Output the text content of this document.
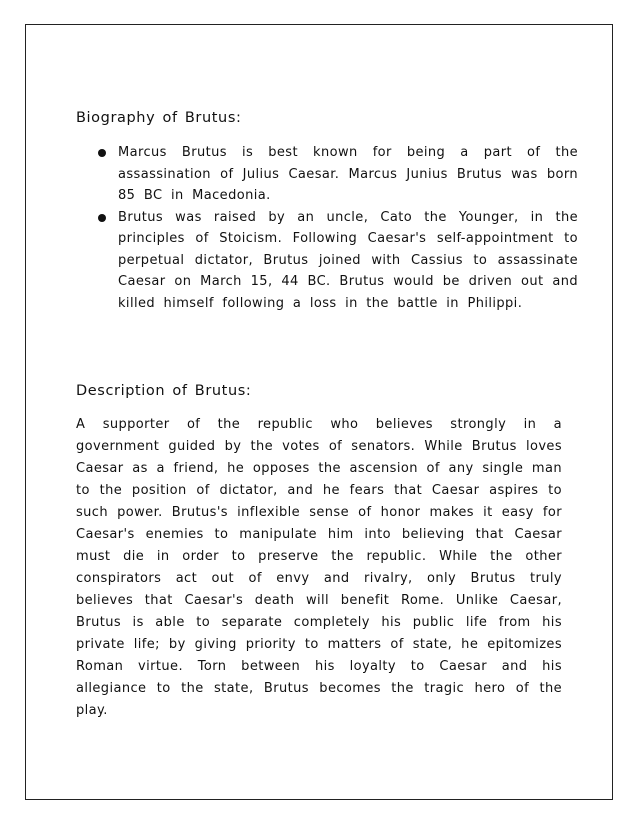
Biography of Brutus:
Marcus Brutus is best known for being a part of the assassination of Julius Caesar. Marcus Junius Brutus was born 85 BC in Macedonia.
Brutus was raised by an uncle, Cato the Younger, in the principles of Stoicism. Following Caesar's self-appointment to perpetual dictator, Brutus joined with Cassius to assassinate Caesar on March 15, 44 BC. Brutus would be driven out and killed himself following a loss in the battle in Philippi.
Description of Brutus:

A supporter of the republic who believes strongly in a government guided by the votes of senators. While Brutus loves Caesar as a friend, he opposes the ascension of any single man to the position of dictator, and he fears that Caesar aspires to such power. Brutus's inflexible sense of honor makes it easy for Caesar's enemies to manipulate him into believing that Caesar must die in order to preserve the republic. While the other conspirators act out of envy and rivalry, only Brutus truly believes that Caesar's death will benefit Rome. Unlike Caesar, Brutus is able to separate completely his public life from his private life; by giving priority to matters of state, he epitomizes Roman virtue. Torn between his loyalty to Caesar and his allegiance to the state, Brutus becomes the tragic hero of the play.
